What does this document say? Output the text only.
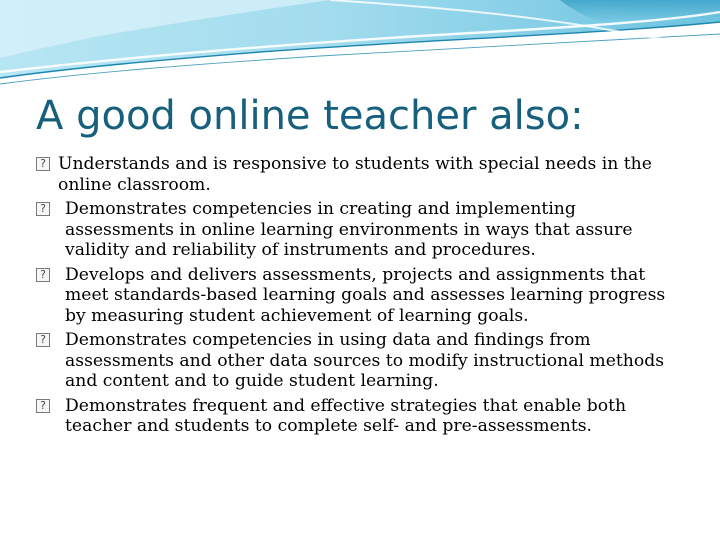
A good online teacher also:
? Understands and is responsive to students with special needs in the online classroom.
? Demonstrates competencies in creating and implementing assessments in online learning environments in ways that assure validity and reliability of instruments and procedures.
? Develops and delivers assessments, projects and assignments that meet standards-based learning goals and assesses learning progress by measuring student achievement of learning goals.
? Demonstrates competencies in using data and findings from assessments and other data sources to modify instructional methods and content and to guide student learning.
? Demonstrates frequent and effective strategies that enable both teacher and students to complete self- and pre-assessments.
